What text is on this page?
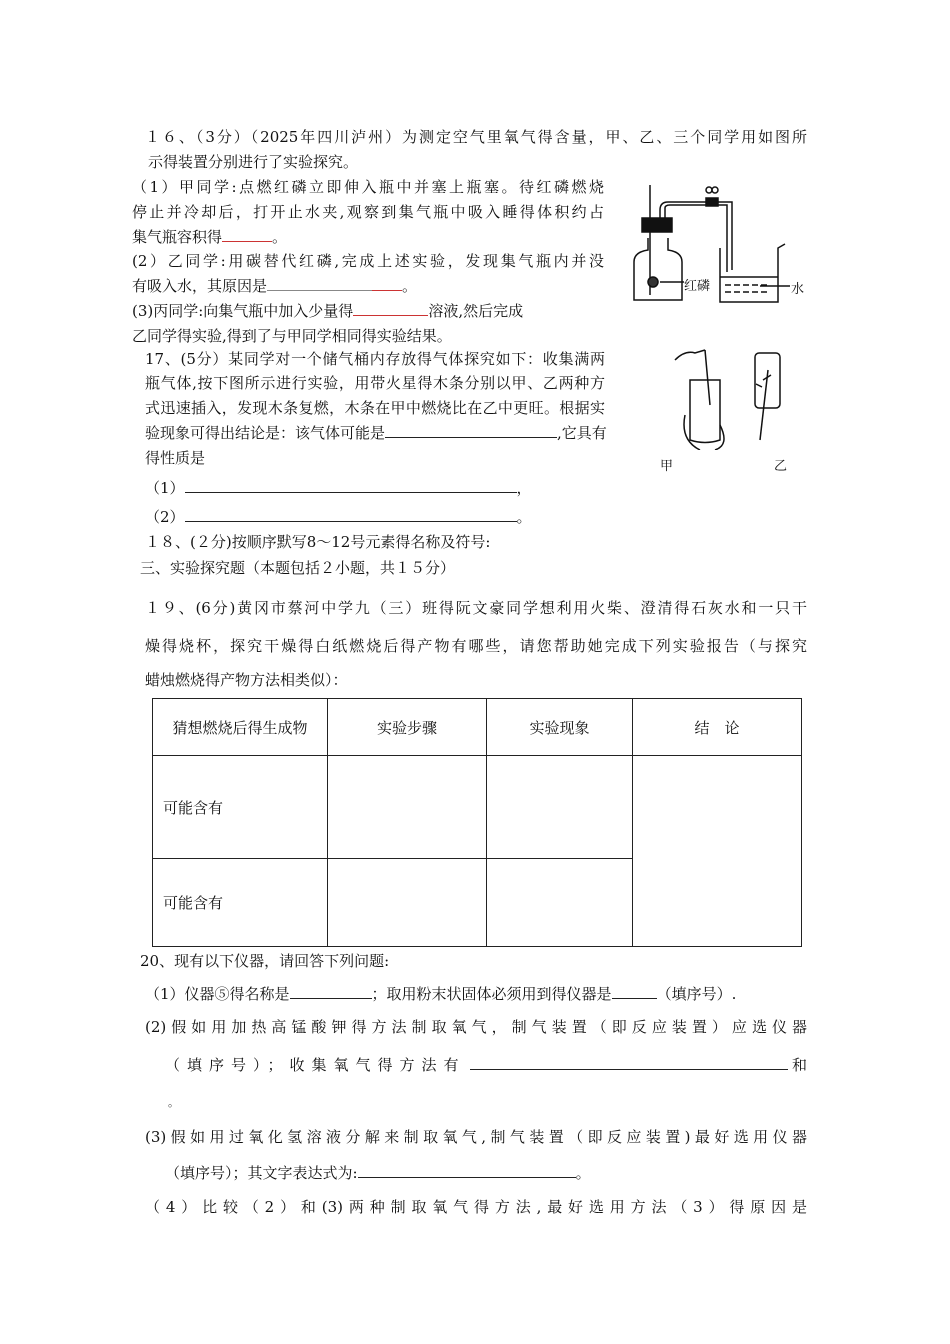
１６、（3分）（2025年四川泸州）为测定空气里氧气得含量，甲、乙、三个同学用如图所
示得装置分别进行了实验探究。
（1）甲同学:点燃红磷立即伸入瓶中并塞上瓶塞。待红磷燃烧
停止并冷却后，打开止水夹,观察到集气瓶中吸入睡得体积约占
集气瓶容积得	。
(2）乙同学:用碳替代红磷,完成上述实验，发现集气瓶内并没
有吸入水，其原因是	。
(3)丙同学:向集气瓶中加入少量得	溶液,然后完成
乙同学得实验,得到了与甲同学相同得实验结果。
红磷	水
17、(5分）某同学对一个储气桶内存放得气体探究如下：收集满两
瓶气体,按下图所示进行实验，用带火星得木条分别以甲、乙两种方
式迅速插入，发现木条复燃，木条在甲中燃烧比在乙中更旺。根据实
验现象可得出结论是：该气体可能是	,它具有
得性质是
（1）	，
（2）	。
甲	乙
１８、(２分)按顺序默写8～12号元素得名称及符号:
三、实验探究题（本题包括２小题，共１５分）
１９、(6分)黄冈市蔡河中学九（三）班得阮文豪同学想利用火柴、澄清得石灰水和一只干
燥得烧杯，探究干燥得白纸燃烧后得产物有哪些，请您帮助她完成下列实验报告（与探究
蜡烛燃烧得产物方法相类似）：
猜想燃烧后得生成物	实验步骤	实验现象	结　论
可能含有			
可能含有			
20、现有以下仪器，请回答下列问题:
（1）仪器⑤得名称是	；取用粉末状固体必须用到得仪器是	（填序号）.
(2)假如用加热高锰酸钾得方法制取氧气，制气装置（即反应装置）应选仪器
（填序号）；收集氧气得方法有	和
。
(3)假如用过氧化氢溶液分解来制取氧气,制气装置（即反应装置)最好选用仪器
（填序号）；其文字表达式为:	。
（4）比较（2）和(3)两种制取氧气得方法,最好选用方法（3）得原因是
